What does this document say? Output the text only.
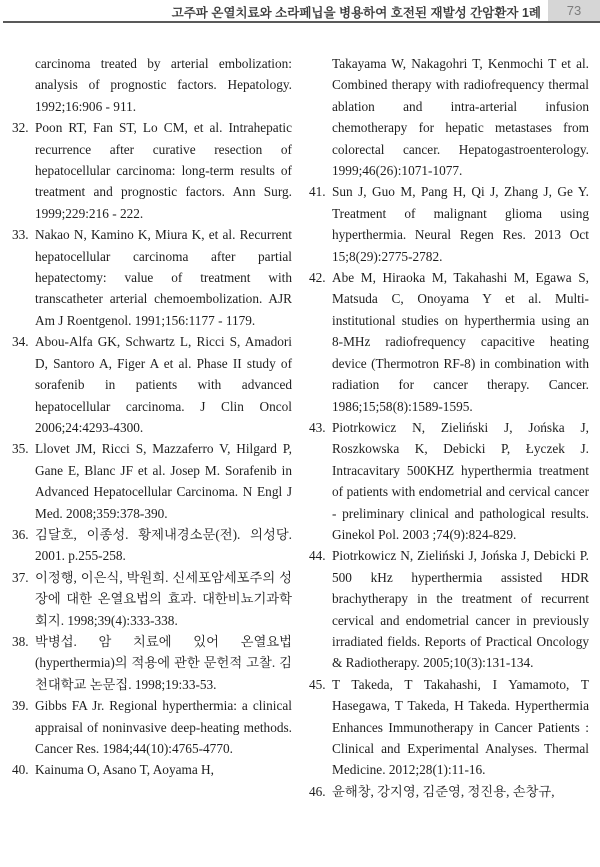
고주파 온열치료와 소라페닙을 병용하여 호전된 재발성 간암환자 1례 73
carcinoma treated by arterial embolization: analysis of prognostic factors. Hepatology. 1992;16:906 - 911.
32. Poon RT, Fan ST, Lo CM, et al. Intrahepatic recurrence after curative resection of hepatocellular carcinoma: long-term results of treatment and prognostic factors. Ann Surg. 1999;229:216 - 222.
33. Nakao N, Kamino K, Miura K, et al. Recurrent hepatocellular carcinoma after partial hepatectomy: value of treatment with transcatheter arterial chemoembolization. AJR Am J Roentgenol. 1991;156:1177 - 1179.
34. Abou-Alfa GK, Schwartz L, Ricci S, Amadori D, Santoro A, Figer A et al. Phase II study of sorafenib in patients with advanced hepatocellular carcinoma. J Clin Oncol 2006;24:4293-4300.
35. Llovet JM, Ricci S, Mazzaferro V, Hilgard P, Gane E, Blanc JF et al. Josep M. Sorafenib in Advanced Hepatocellular Carcinoma. N Engl J Med. 2008;359:378-390.
36. 김달호, 이종성. 황제내경소문(전). 의성당. 2001. p.255-258.
37. 이정행, 이은식, 박원희. 신세포암세포주의 성장에 대한 온열요법의 효과. 대한비뇨기과학회지. 1998;39(4):333-338.
38. 박병섭. 암 치료에 있어 온열요법(hyperthermia)의 적용에 관한 문헌적 고찰. 김천대학교 논문집. 1998;19:33-53.
39. Gibbs FA Jr. Regional hyperthermia: a clinical appraisal of noninvasive deep-heating methods. Cancer Res. 1984;44(10):4765-4770.
40. Kainuma O, Asano T, Aoyama H,
Takayama W, Nakagohri T, Kenmochi T et al. Combined therapy with radiofrequency thermal ablation and intra-arterial infusion chemotherapy for hepatic metastases from colorectal cancer. Hepatogastroenterology. 1999;46(26):1071-1077.
41. Sun J, Guo M, Pang H, Qi J, Zhang J, Ge Y. Treatment of malignant glioma using hyperthermia. Neural Regen Res. 2013 Oct 15;8(29):2775-2782.
42. Abe M, Hiraoka M, Takahashi M, Egawa S, Matsuda C, Onoyama Y et al. Multi-institutional studies on hyperthermia using an 8-MHz radiofrequency capacitive heating device (Thermotron RF-8) in combination with radiation for cancer therapy. Cancer. 1986;15;58(8):1589-1595.
43. Piotrkowicz N, Zieliński J, Jońska J, Roszkowska K, Debicki P, Łyczek J. Intracavitary 500KHZ hyperthermia treatment of patients with endometrial and cervical cancer - preliminary clinical and pathological results. Ginekol Pol. 2003 ;74(9):824-829.
44. Piotrkowicz N, Zieliński J, Jońska J, Debicki P. 500 kHz hyperthermia assisted HDR brachytherapy in the treatment of recurrent cervical and endometrial cancer in previously irradiated fields. Reports of Practical Oncology & Radiotherapy. 2005;10(3):131-134.
45. T Takeda, T Takahashi, I Yamamoto, T Hasegawa, T Takeda, H Takeda. Hyperthermia Enhances Immunotherapy in Cancer Patients : Clinical and Experimental Analyses. Thermal Medicine. 2012;28(1):11-16.
46. 윤해창, 강지영, 김준영, 정진용, 손창규,
